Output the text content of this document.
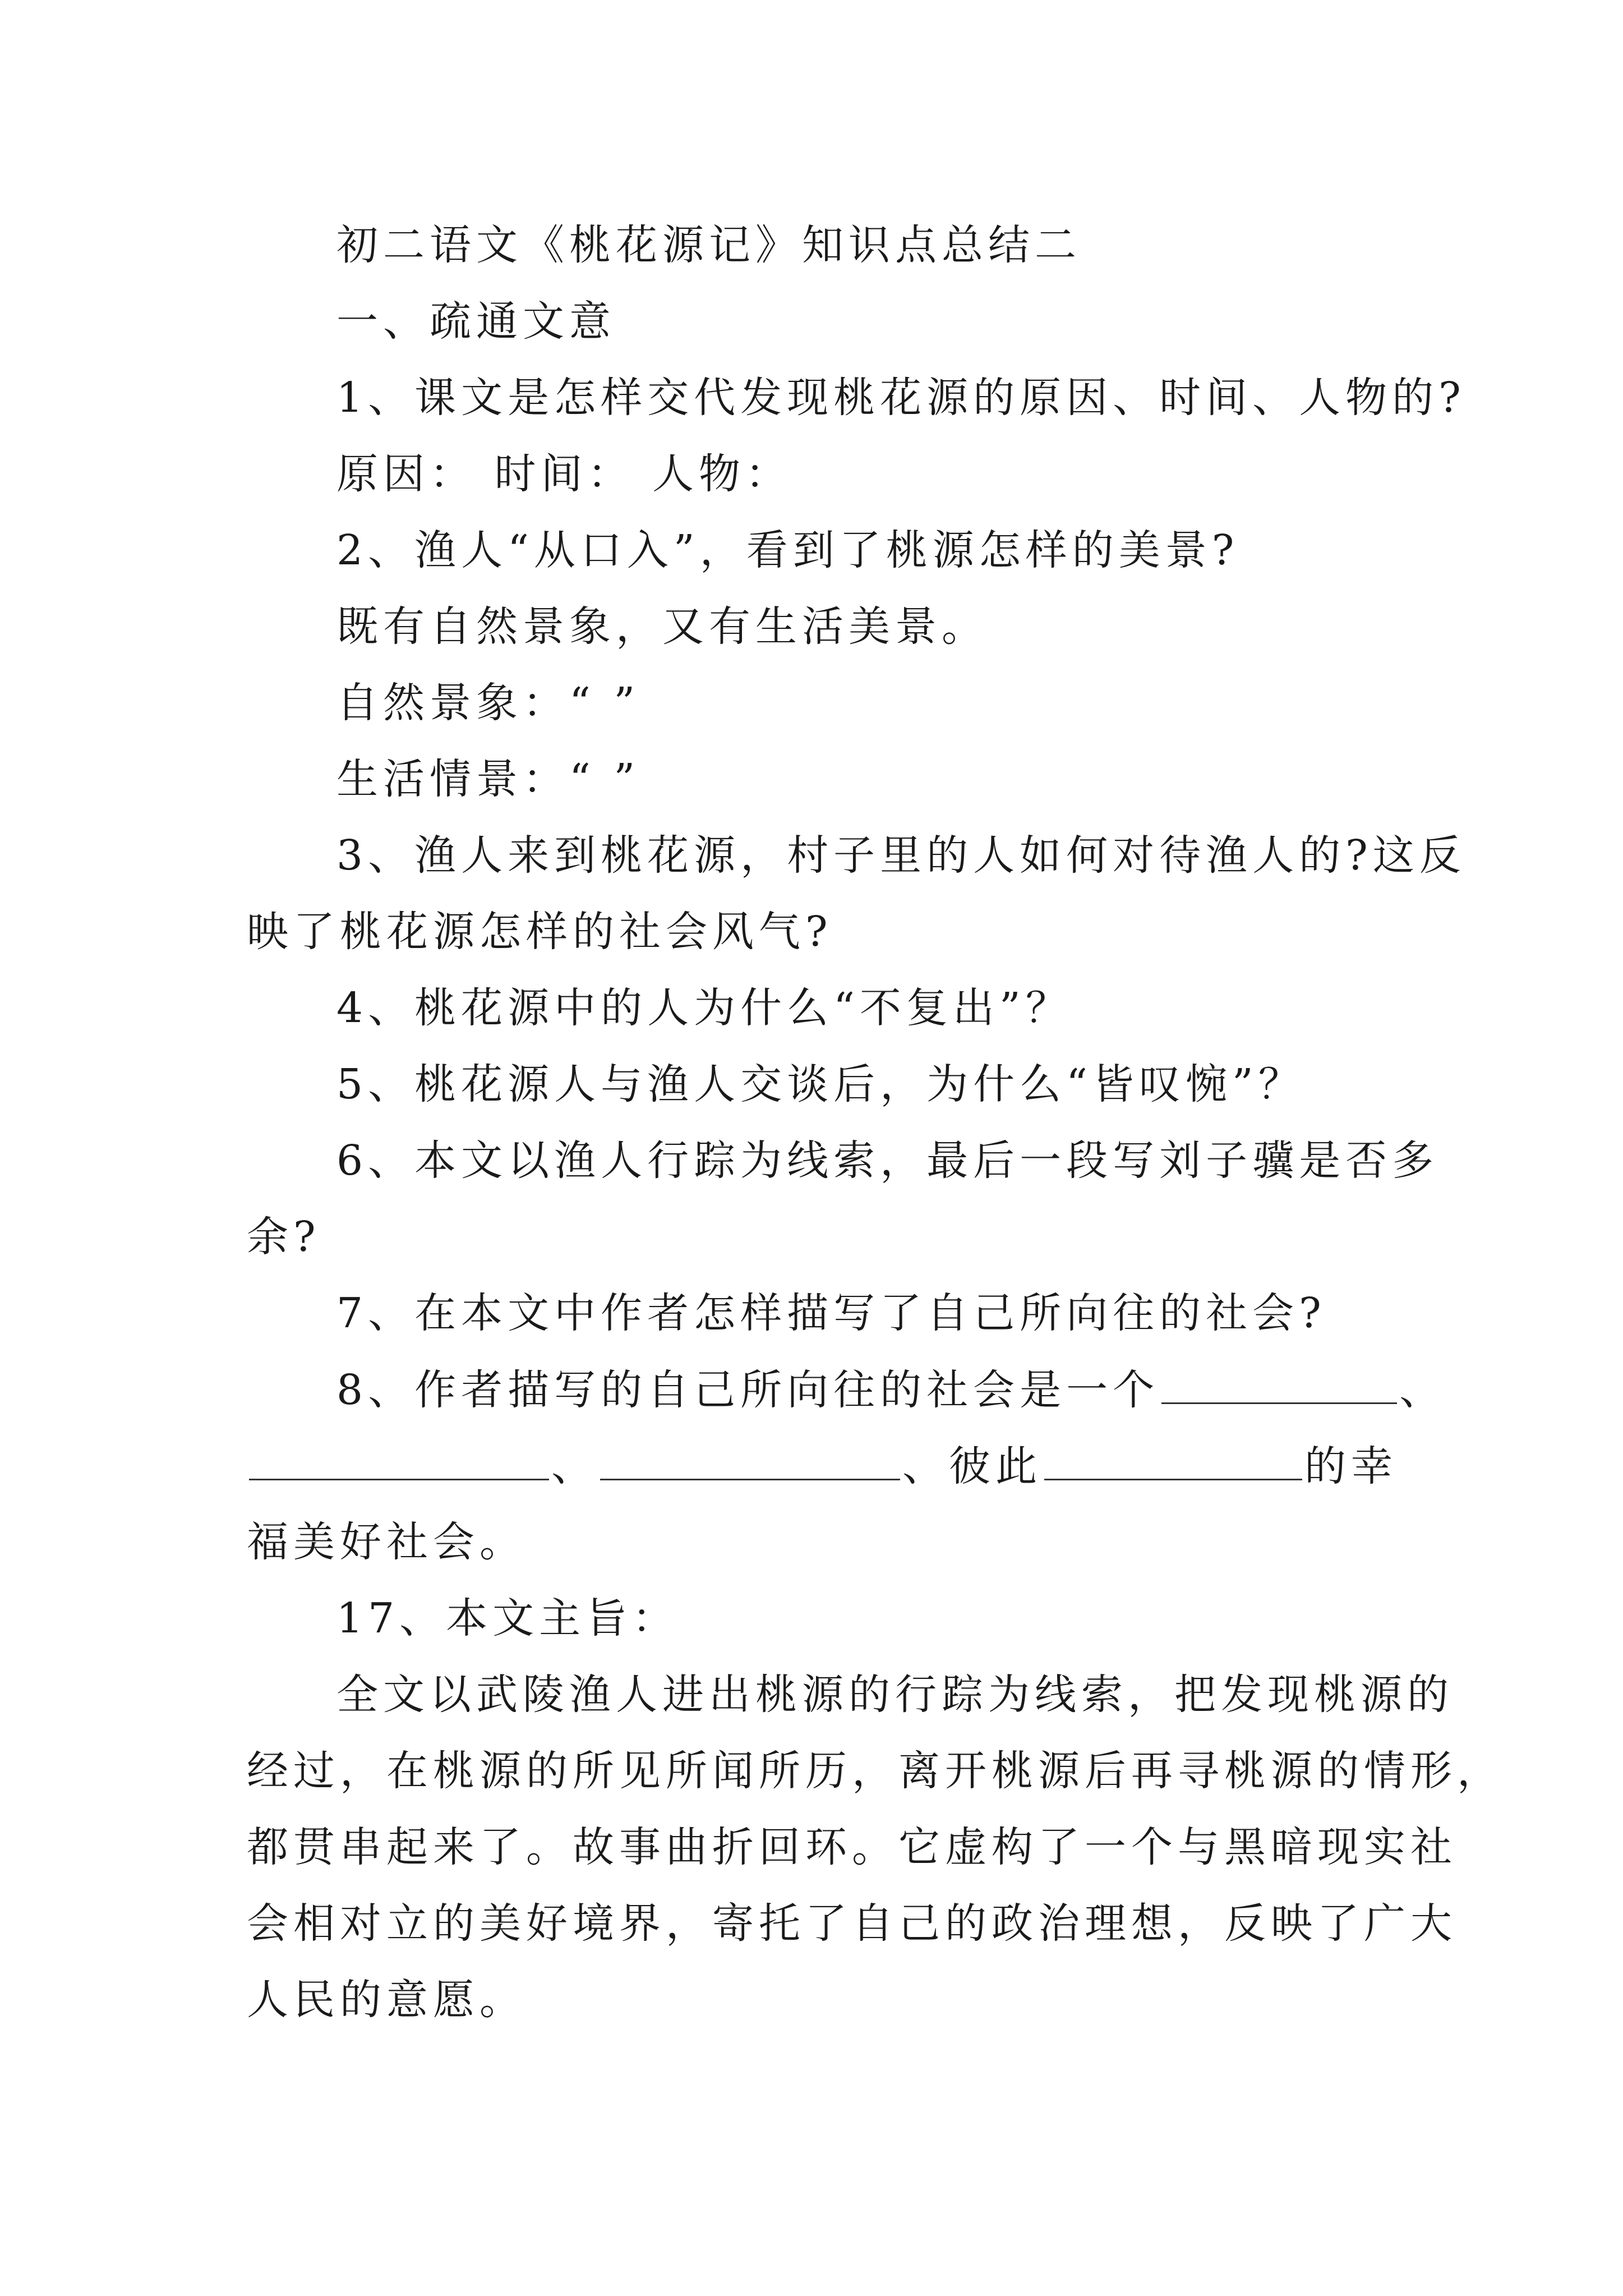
初二语文《桃花源记》知识点总结二
一、疏通文意
1、课文是怎样交代发现桃花源的原因、时间、人物的?
原因： 时间： 人物：
2、渔人“从口入”，看到了桃源怎样的美景?
既有自然景象，又有生活美景。
自然景象：“ ”
生活情景：“ ”
3、渔人来到桃花源，村子里的人如何对待渔人的?这反
映了桃花源怎样的社会风气?
4、桃花源中的人为什么“不复出”？
5、桃花源人与渔人交谈后，为什么“皆叹惋”？
6、本文以渔人行踪为线索，最后一段写刘子骥是否多
余?
7、在本文中作者怎样描写了自己所向往的社会?
8、作者描写的自己所向往的社会是一个	、
、	、彼此	的幸
福美好社会。
17、本文主旨：
全文以武陵渔人进出桃源的行踪为线索，把发现桃源的
经过，在桃源的所见所闻所历，离开桃源后再寻桃源的情形，
都贯串起来了。故事曲折回环。它虚构了一个与黑暗现实社
会相对立的美好境界，寄托了自己的政治理想，反映了广大
人民的意愿。
